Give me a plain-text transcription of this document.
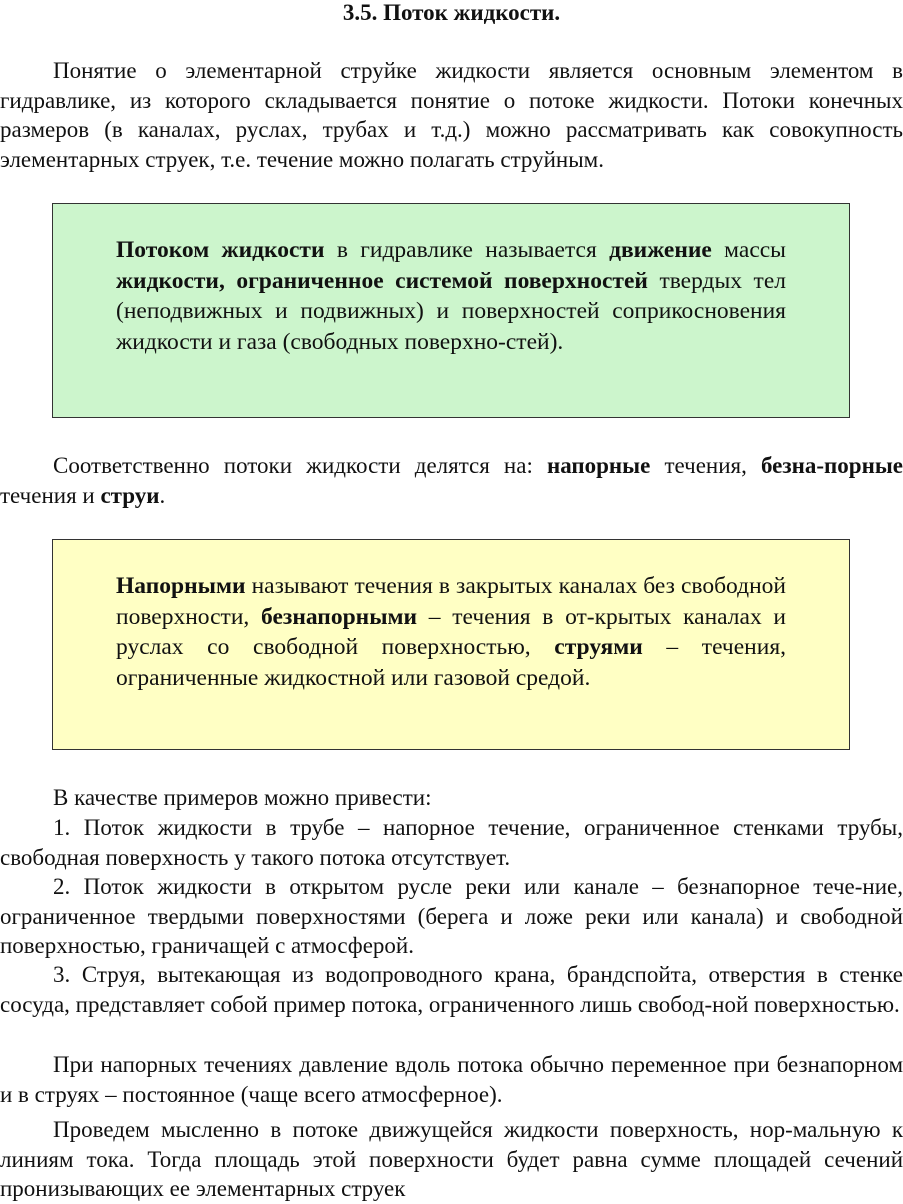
3.5. Поток жидкости.

Понятие о элементарной струйке жидкости является основным элементом в гидравлике, из которого складывается понятие о потоке жидкости. Потоки конечных размеров (в каналах, руслах, трубах и т.д.) можно рассматривать как совокупность элементарных струек, т.е. течение можно полагать струйным.

Потоком жидкости в гидравлике называется движение массы жидкости, ограниченное системой поверхностей твердых тел (неподвижных и подвижных) и поверхностей соприкосновения жидкости и газа (свободных поверхно-стей).

Соответственно потоки жидкости делятся на: напорные течения, безна-порные течения и струи.

Напорными называют течения в закрытых каналах без свободной поверхности, безнапорными – течения в от-крытых каналах и руслах со свободной поверхностью, струями – течения, ограниченные жидкостной или газовой средой.

В качестве примеров можно привести:

1. Поток жидкости в трубе – напорное течение, ограниченное стенками трубы, свободная поверхность у такого потока отсутствует.

2. Поток жидкости в открытом русле реки или канале – безнапорное тече-ние, ограниченное твердыми поверхностями (берега и ложе реки или канала) и свободной поверхностью, граничащей с атмосферой.

3. Струя, вытекающая из водопроводного крана, брандспойта, отверстия в стенке сосуда, представляет собой пример потока, ограниченного лишь свобод-ной поверхностью.

При напорных течениях давление вдоль потока обычно переменное при безнапорном и в струях – постоянное (чаще всего атмосферное).

Проведем мысленно в потоке движущейся жидкости поверхность, нор-мальную к линиям тока. Тогда площадь этой поверхности будет равна сумме площадей сечений пронизывающих ее элементарных струек
